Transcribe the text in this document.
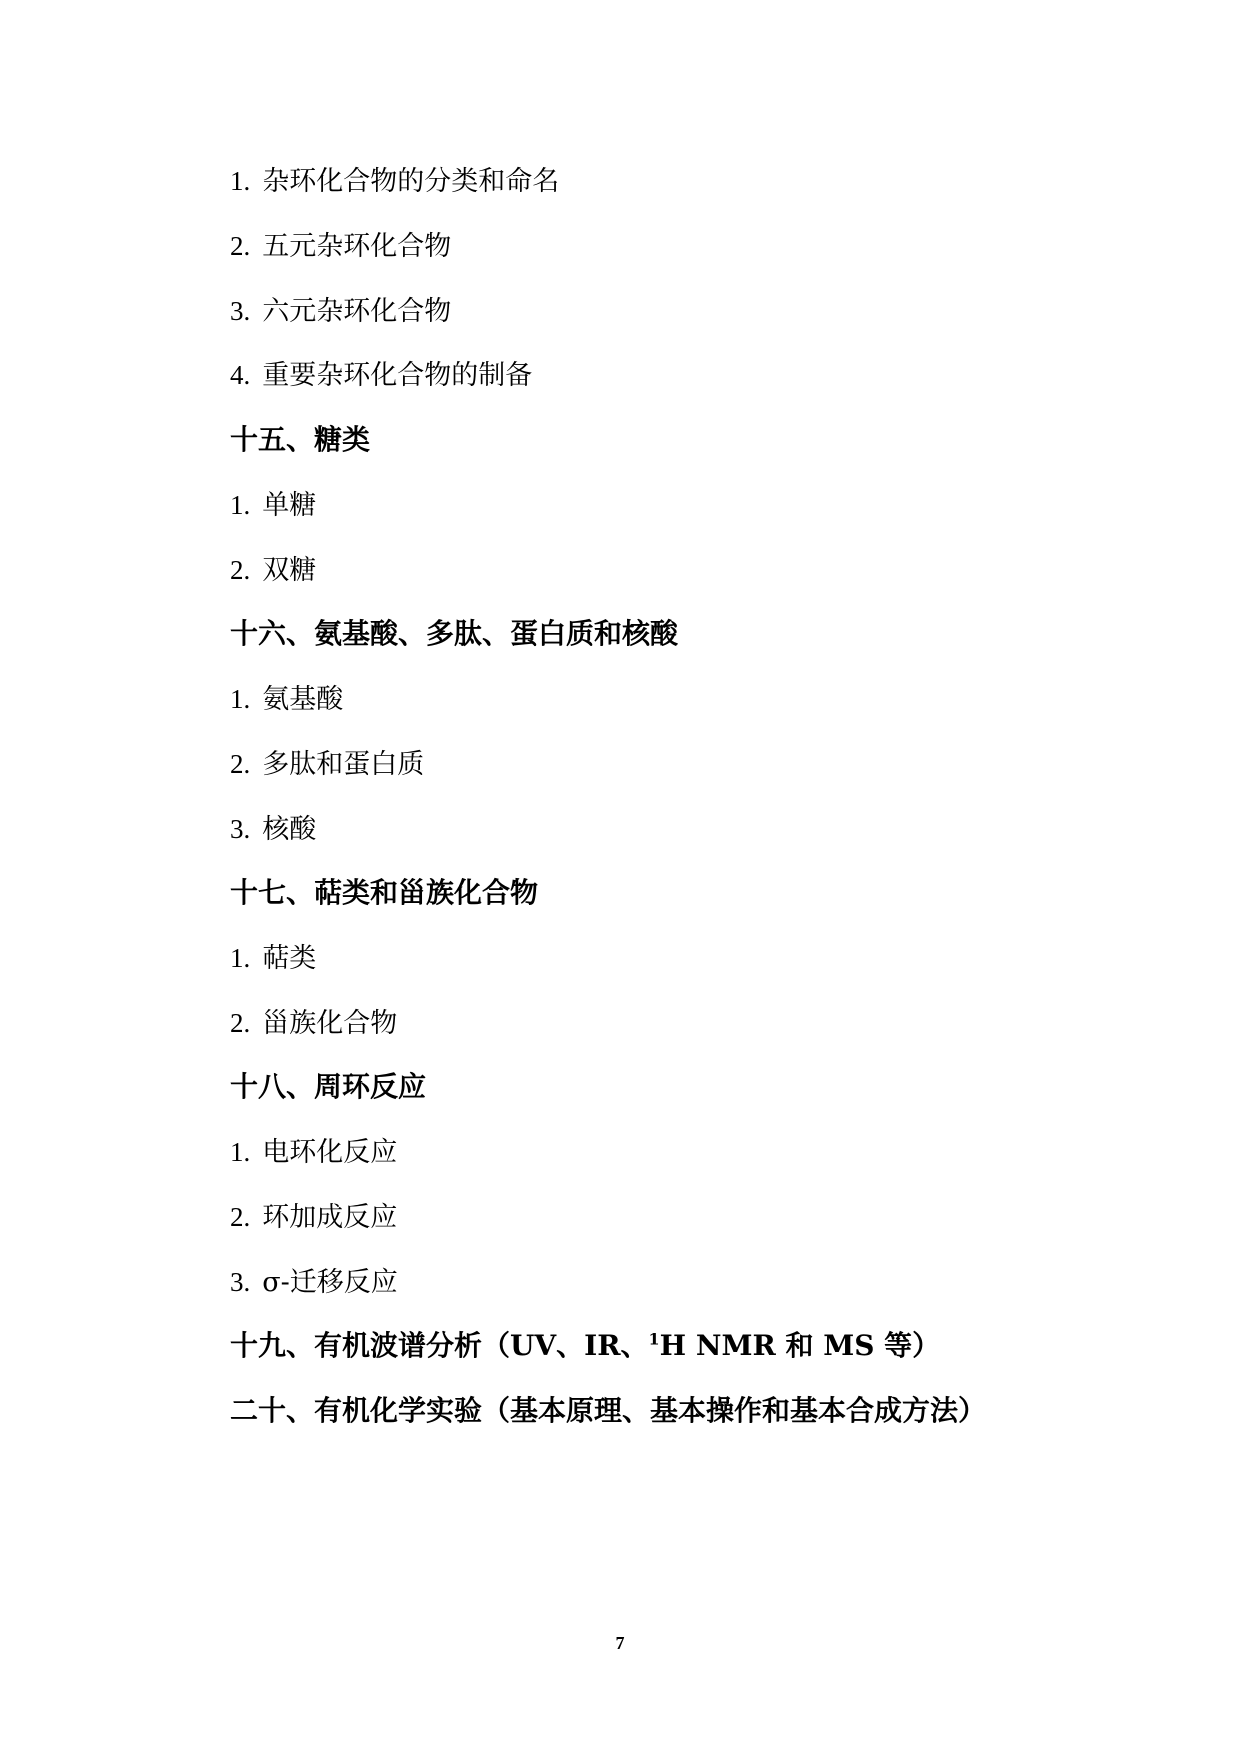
1. 杂环化合物的分类和命名
2. 五元杂环化合物
3. 六元杂环化合物
4. 重要杂环化合物的制备
十五、糖类
1. 单糖
2. 双糖
十六、氨基酸、多肽、蛋白质和核酸
1. 氨基酸
2. 多肽和蛋白质
3. 核酸
十七、萜类和甾族化合物
1. 萜类
2. 甾族化合物
十八、周环反应
1. 电环化反应
2. 环加成反应
3. σ-迁移反应
十九、有机波谱分析（UV、IR、$^1$H NMR 和 MS 等）
二十、有机化学实验（基本原理、基本操作和基本合成方法）
7
